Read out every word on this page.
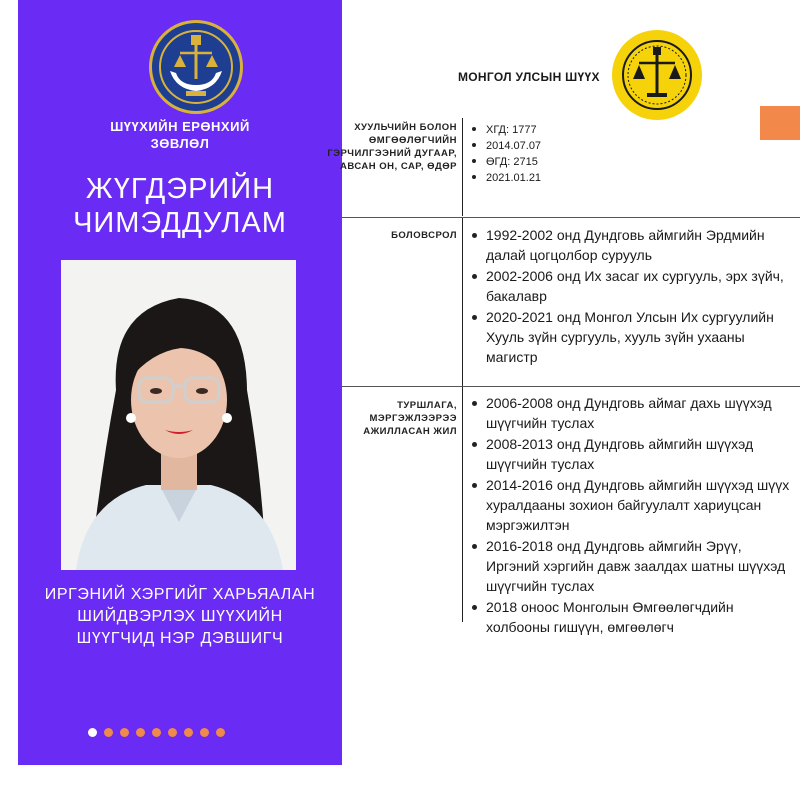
ШҮҮХИЙН ЕРӨНХИЙ ЗӨВЛӨЛ
ЖҮГДЭРИЙН ЧИМЭДДУЛАМ
ИРГЭНИЙ ХЭРГИЙГ ХАРЬЯАЛАН ШИЙДВЭРЛЭХ ШҮҮХИЙН ШҮҮГЧИД НЭР ДЭВШИГЧ
МОНГОЛ УЛСЫН ШҮҮХ
ХУУЛЬЧИЙН БОЛОН ӨМГӨӨЛӨГЧИЙН ГЭРЧИЛГЭЭНИЙ ДУГААР, АВСАН ОН, САР, ӨДӨР
ХГД: 1777
2014.07.07
ӨГД: 2715
2021.01.21
БОЛОВСРОЛ	1992-2002 онд Дундговь аймгийн Эрдмийн далай цогцолбор сурууль
2002-2006 онд Их засаг их сургууль, эрх зүйч, бакалавр
2020-2021 онд Монгол Улсын Их сургуулийн Хууль зүйн сургууль, хууль зүйн ухааны магистр
ТУРШЛАГА, МЭРГЭЖЛЭЭРЭЭ АЖИЛЛАСАН ЖИЛ
2006-2008 онд Дундговь аймаг дахь шүүхэд шүүгчийн туслах
2008-2013 онд Дундговь аймгийн шүүхэд шүүгчийн туслах
2014-2016 онд Дундговь аймгийн шүүхэд шүүх хуралдааны зохион байгуулалт хариуцсан мэргэжилтэн
2016-2018 онд Дундговь аймгийн Эрүү, Иргэний хэргийн давж заалдах шатны шүүхэд шүүгчийн туслах
2018 оноос Монголын Өмгөөлөгчдийн холбооны гишүүн, өмгөөлөгч
